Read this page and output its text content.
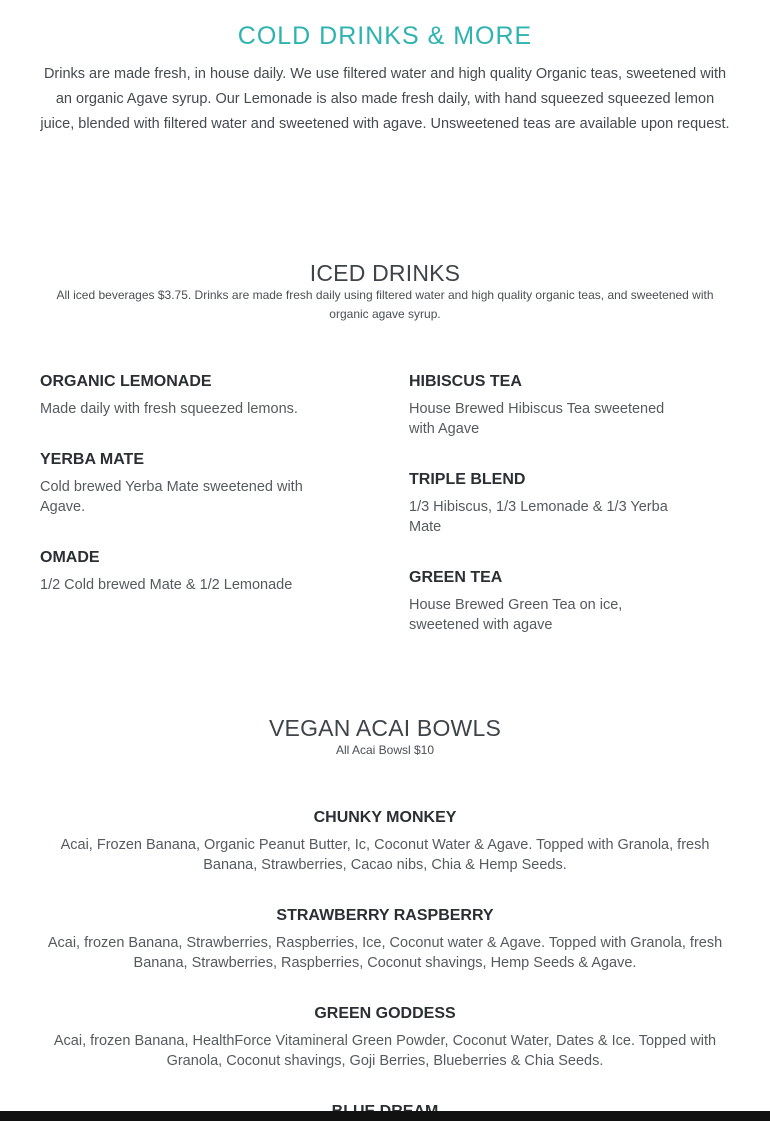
COLD DRINKS & MORE

Drinks are made fresh, in house daily. We use filtered water and high quality Organic teas, sweetened with an organic Agave syrup. Our Lemonade is also made fresh daily, with hand squeezed squeezed lemon juice, blended with filtered water and sweetened with agave. Unsweetened teas are available upon request.

ICED DRINKS

All iced beverages $3.75. Drinks are made fresh daily using filtered water and high quality organic teas, and sweetened with organic agave syrup.

ORGANIC LEMONADE

Made daily with fresh squeezed lemons.

YERBA MATE

Cold brewed Yerba Mate sweetened with Agave.

OMADE

1/2 Cold brewed Mate & 1/2 Lemonade

HIBISCUS TEA

House Brewed Hibiscus Tea sweetened with Agave

TRIPLE BLEND

1/3 Hibiscus, 1/3 Lemonade & 1/3 Yerba Mate

GREEN TEA

House Brewed Green Tea on ice, sweetened with agave

VEGAN ACAI BOWLS

All Acai Bowsl $10

CHUNKY MONKEY

Acai, Frozen Banana, Organic Peanut Butter, Ic, Coconut Water & Agave. Topped with Granola, fresh Banana, Strawberries, Cacao nibs, Chia & Hemp Seeds.

STRAWBERRY RASPBERRY

Acai, frozen Banana, Strawberries, Raspberries, Ice, Coconut water & Agave. Topped with Granola, fresh Banana, Strawberries, Raspberries, Coconut shavings, Hemp Seeds & Agave.

GREEN GODDESS

Acai, frozen Banana, HealthForce Vitamineral Green Powder, Coconut Water, Dates & Ice. Topped with Granola, Coconut shavings, Goji Berries, Blueberries & Chia Seeds.
